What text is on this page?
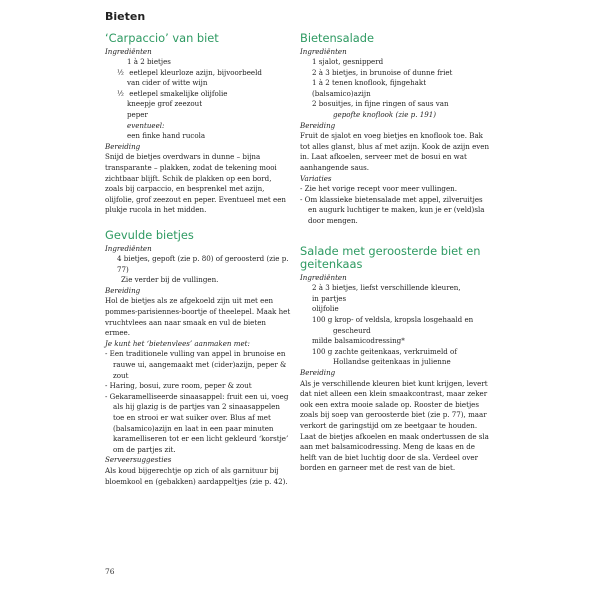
Bieten
‘Carpaccio’ van biet
Ingrediënten
1 à 2 bietjes
½ eetlepel kleurloze azijn, bijvoorbeeld
van cider of witte wijn
½ eetlepel smakelijke olijfolie
kneepje grof zeezout
peper
eventueel:
een finke hand rucola
Bereiding

Snijd de bietjes overdwars in dunne – bijna transparante – plakken, zodat de tekening mooi zichtbaar blijft. Schik de plakken op een bord, zoals bij carpaccio, en besprenkel met azijn, olijfolie, grof zeezout en peper. Eventueel met een plukje rucola in het midden.

Gevulde bietjes
Ingrediënten
4 bietjes, gepoft (zie p. 80) of geroosterd (zie p. 77)
Zie verder bij de vullingen.
Bereiding

Hol de bietjes als ze afgekoeld zijn uit met een pommes-parisiennes-boortje of theelepel. Maak het vruchtvlees aan naar smaak en vul de bieten ermee.

Je kunt het ‘bietenvlees’ aanmaken met:
- Een traditionele vulling van appel in brunoise en rauwe ui, aangemaakt met (cider)azijn, peper & zout
- Haring, bosui, zure room, peper & zout
- Gekaramelliseerde sinaasappel: fruit een ui, voeg als hij glazig is de partjes van 2 sinaasappelen toe en strooi er wat suiker over. Blus af met (balsamico)azijn en laat in een paar minuten karamelliseren tot er een licht gekleurd ‘korstje’ om de partjes zit.
Serveersuggesties

Als koud bijgerechtje op zich of als garnituur bij bloemkool en (gebakken) aardappeltjes (zie p. 42).

Bietensalade
Ingrediënten
1 sjalot, gesnipperd
2 à 3 bietjes, in brunoise of dunne friet
1 à 2 tenen knoflook, fijngehakt
(balsamico)azijn
2 bosuitjes, in fijne ringen of saus van
gepofte knoflook (zie p. 191)
Bereiding

Fruit de sjalot en voeg bietjes en knoflook toe. Bak tot alles glanst, blus af met azijn. Kook de azijn even in. Laat afkoelen, serveer met de bosui en wat aanhangende saus.

Variaties
- Zie het vorige recept voor meer vullingen.
- Om klassieke bietensalade met appel, zilveruitjes en augurk luchtiger te maken, kun je er (veld)sla door mengen.
Salade met geroosterde biet en geitenkaas
Ingrediënten
2 à 3 bietjes, liefst verschillende kleuren,
in partjes
olijfolie
100 g krop- of veldsla, kropsla losgehaald en
gescheurd
milde balsamicodressing*
100 g zachte geitenkaas, verkruimeld of
Hollandse geitenkaas in julienne
Bereiding

Als je verschillende kleuren biet kunt krijgen, levert dat niet alleen een klein smaakcontrast, maar zeker ook een extra mooie salade op. Rooster de bietjes zoals bij soep van geroosterde biet (zie p. 77), maar verkort de garingstijd om ze beetgaar te houden. Laat de bietjes afkoelen en maak ondertussen de sla aan met balsamicodressing. Meng de kaas en de helft van de biet luchtig door de sla. Verdeel over borden en garneer met de rest van de biet.

76
